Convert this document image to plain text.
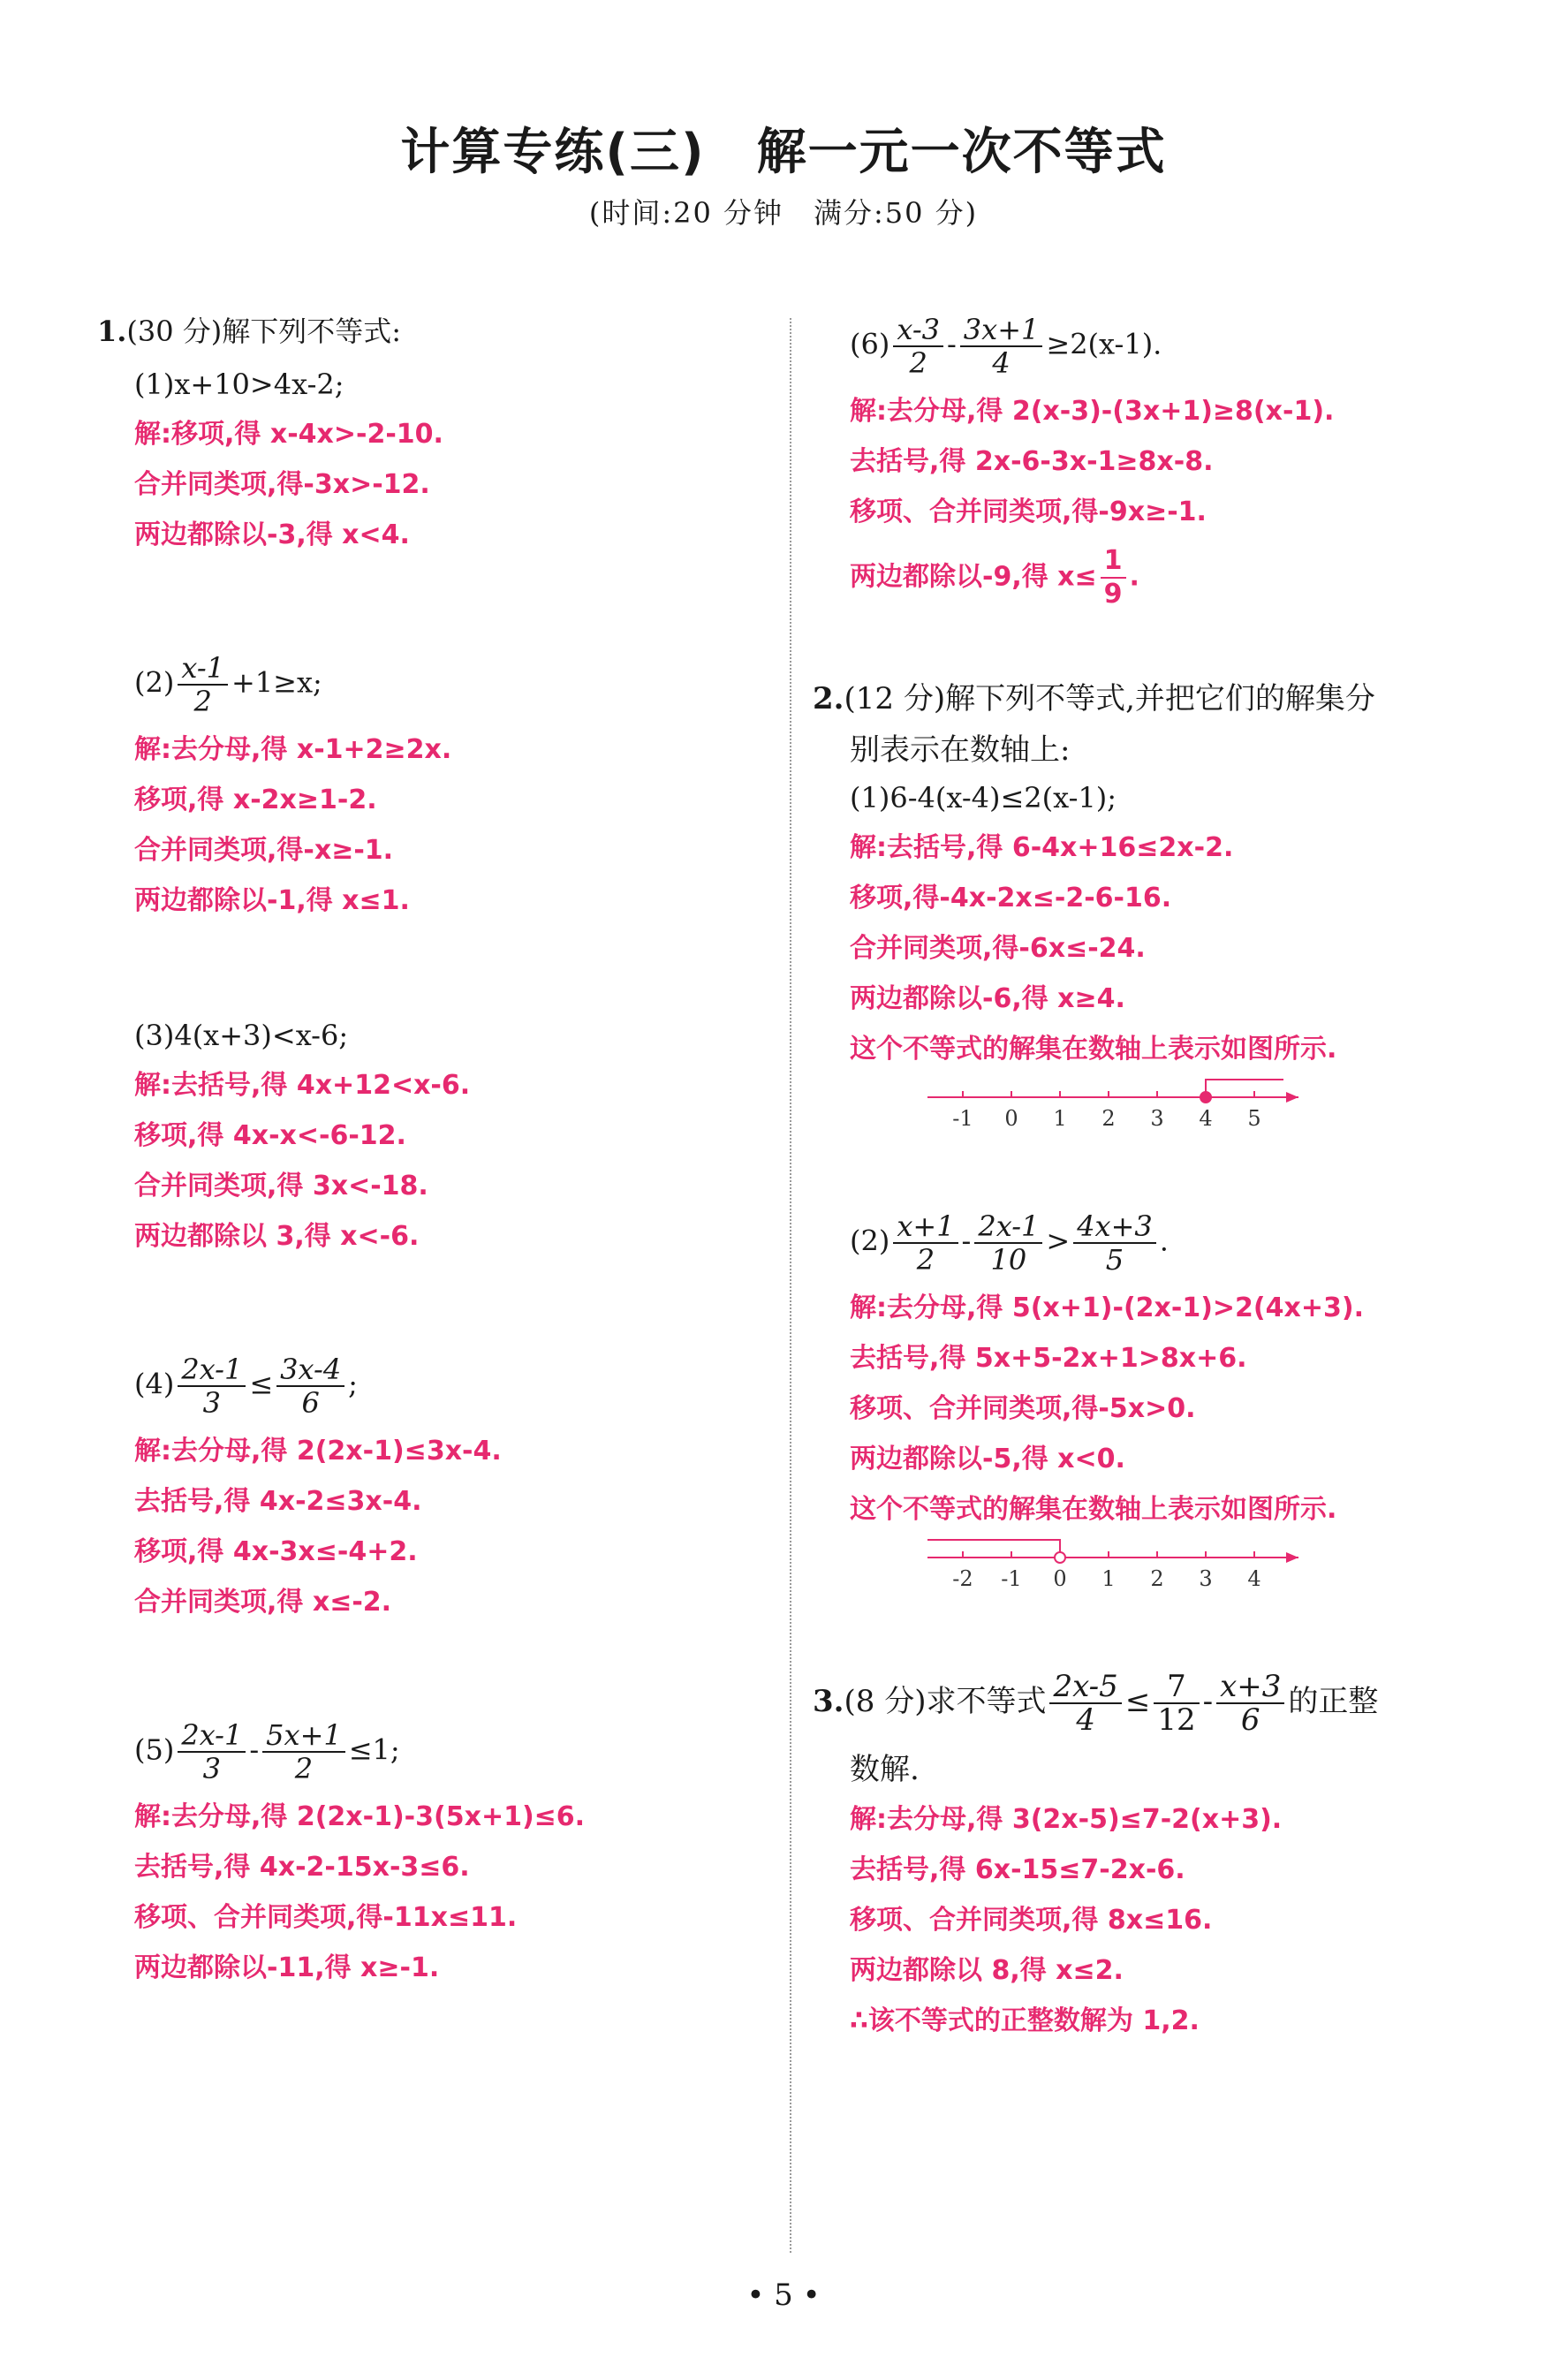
计算专练(三)　解一元一次不等式
(时间:20 分钟　满分:50 分)
1.(30 分)解下列不等式:
(1)x+10>4x-2;
解:移项,得 x-4x>-2-10.
合并同类项,得-3x>-12.
两边都除以-3,得 x<4.
$(2) \frac{x-1}{2} +1\ge x$;
解:去分母,得 x-1+2≥2x.
移项,得 x-2x≥1-2.
合并同类项,得-x≥-1.
两边都除以-1,得 x≤1.
(3)4(x+3)<x-6;
解:去括号,得 4x+12<x-6.
移项,得 4x-x<-6-12.
合并同类项,得 3x<-18.
两边都除以 3,得 x<-6.
$(4) \frac{2x-1}{3} \le \frac{3x-4}{6}$ ;
解:去分母,得 2(2x-1)≤3x-4.
去括号,得 4x-2≤3x-4.
移项,得 4x-3x≤-4+2.
合并同类项,得 x≤-2.
$(5) \frac{2x-1}{3} - \frac{5x+1}{2} \le 1$;
解:去分母,得 2(2x-1)-3(5x+1)≤6.
去括号,得 4x-2-15x-3≤6.
移项、合并同类项,得-11x≤11.
两边都除以-11,得 x≥-1.
$(6) \frac{x-3}{2} - \frac{3x+1}{4} \ge 2(x-1)$.
解:去分母,得 2(x-3)-(3x+1)≥8(x-1).
去括号,得 2x-6-3x-1≥8x-8.
移项、合并同类项,得-9x≥-1.
两边都除以-9,得 $x\le \frac{1}{9}$ .
2.(12 分)解下列不等式,并把它们的解集分
别表示在数轴上:
(1)6-4(x-4)≤2(x-1);
解:去括号,得 6-4x+16≤2x-2.
移项,得-4x-2x≤-2-6-16.
合并同类项,得-6x≤-24.
两边都除以-6,得 x≥4.
这个不等式的解集在数轴上表示如图所示.
-1 0 1 2 3 4 5
$(2) \frac{x+1}{2} - \frac{2x-1}{10} > \frac{4x+3}{5}$ .
解:去分母,得 5(x+1)-(2x-1)>2(4x+3).
去括号,得 5x+5-2x+1>8x+6.
移项、合并同类项,得-5x>0.
两边都除以-5,得 x<0.
这个不等式的解集在数轴上表示如图所示.
-2 -1 0 1 2 3 4
3.(8 分)求不等式 $\frac{2x-5}{4} \le \frac{7}{12} - \frac{x+3}{6}$ 的正整
数解.
解:去分母,得 3(2x-5)≤7-2(x+3).
去括号,得 6x-15≤7-2x-6.
移项、合并同类项,得 8x≤16.
两边都除以 8,得 x≤2.
∴该不等式的正整数解为 1,2.
• 5 •
